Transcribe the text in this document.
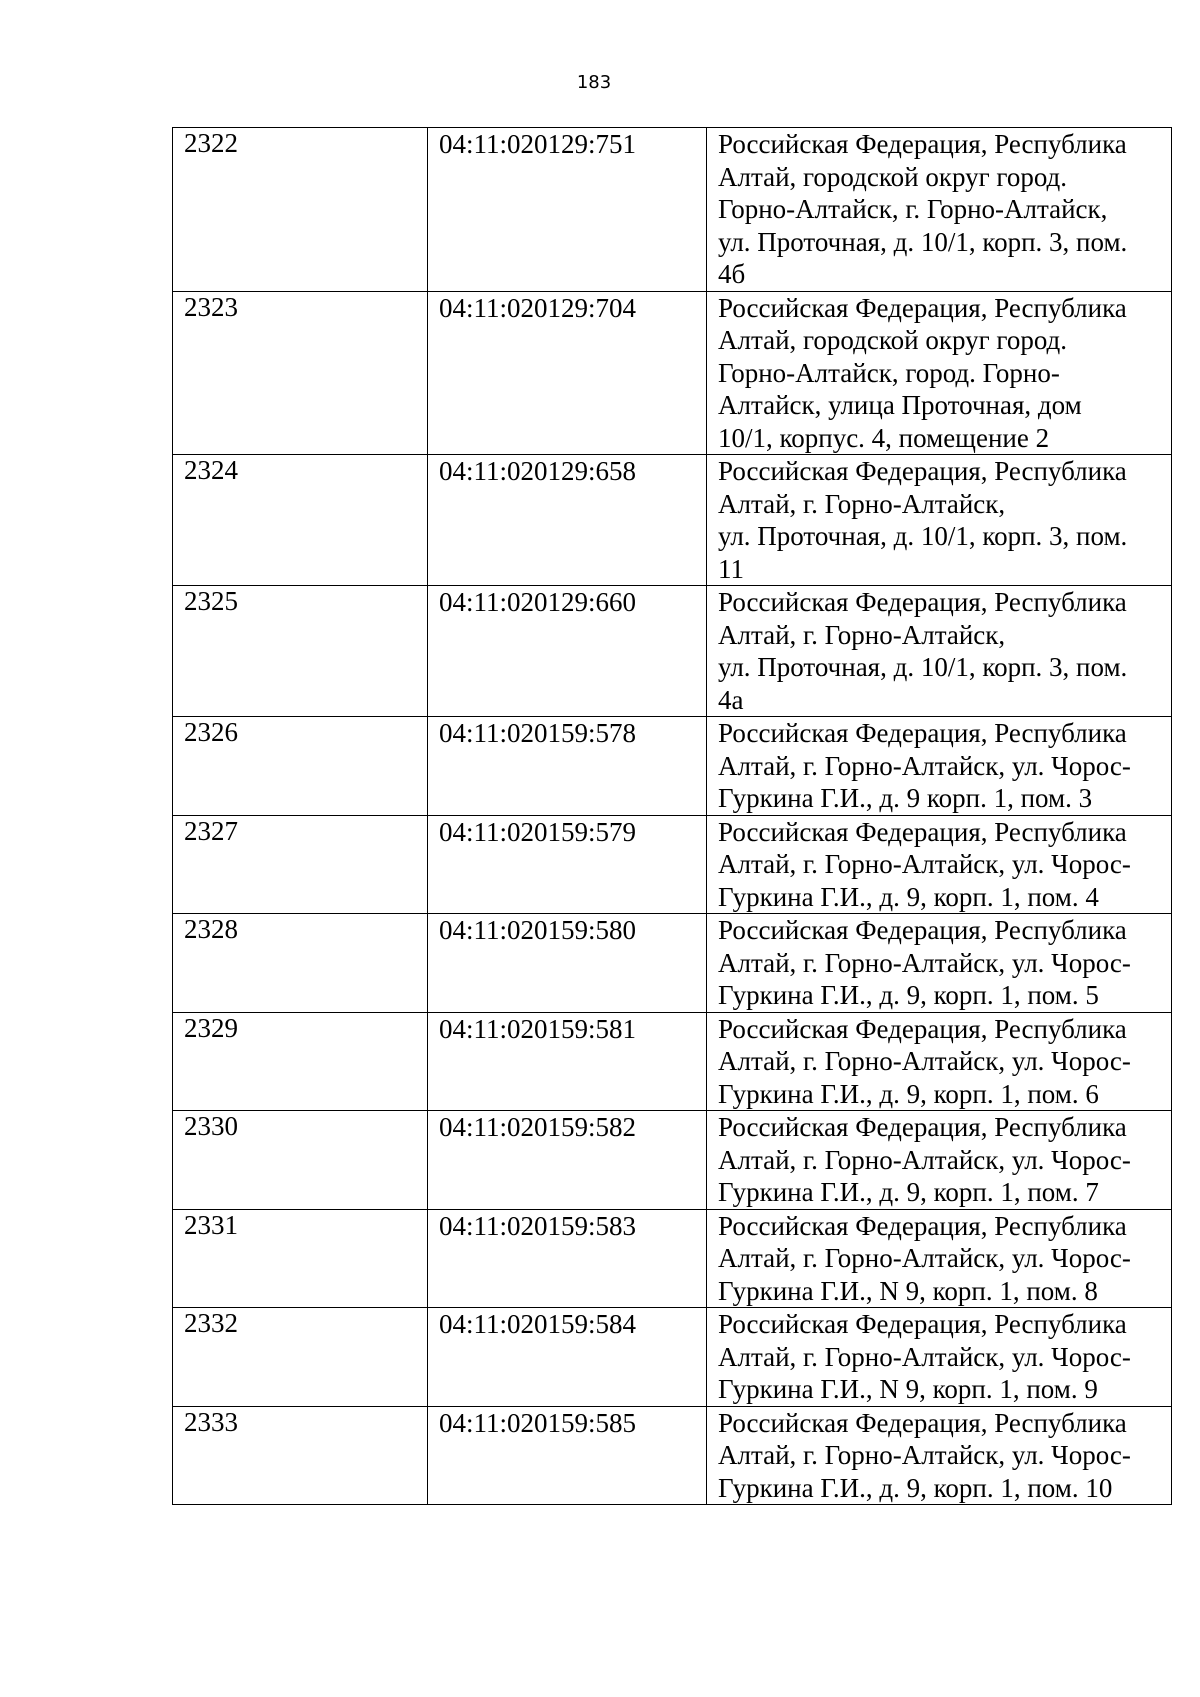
183
2322	04:11:020129:751	Российская Федерация, Республика
Алтай, городской округ город.
Горно-Алтайск, г. Горно-Алтайск,
ул. Проточная, д. 10/1, корп. 3, пом.
4б

2323	04:11:020129:704	Российская Федерация, Республика
Алтай, городской округ город.
Горно-Алтайск, город. Горно-
Алтайск, улица Проточная, дом
10/1, корпус. 4, помещение 2

2324	04:11:020129:658	Российская Федерация, Республика
Алтай, г. Горно-Алтайск,
ул. Проточная, д. 10/1, корп. 3, пом.
11

2325	04:11:020129:660	Российская Федерация, Республика
Алтай, г. Горно-Алтайск,
ул. Проточная, д. 10/1, корп. 3, пом.
4а

2326	04:11:020159:578	Российская Федерация, Республика
Алтай, г. Горно-Алтайск, ул. Чорос-
Гуркина Г.И., д. 9 корп. 1, пом. 3

2327	04:11:020159:579	Российская Федерация, Республика
Алтай, г. Горно-Алтайск, ул. Чорос-
Гуркина Г.И., д. 9, корп. 1, пом. 4

2328	04:11:020159:580	Российская Федерация, Республика
Алтай, г. Горно-Алтайск, ул. Чорос-
Гуркина Г.И., д. 9, корп. 1, пом. 5

2329	04:11:020159:581	Российская Федерация, Республика
Алтай, г. Горно-Алтайск, ул. Чорос-
Гуркина Г.И., д. 9, корп. 1, пом. 6

2330	04:11:020159:582	Российская Федерация, Республика
Алтай, г. Горно-Алтайск, ул. Чорос-
Гуркина Г.И., д. 9, корп. 1, пом. 7

2331	04:11:020159:583	Российская Федерация, Республика
Алтай, г. Горно-Алтайск, ул. Чорос-
Гуркина Г.И., N 9, корп. 1, пом. 8

2332	04:11:020159:584	Российская Федерация, Республика
Алтай, г. Горно-Алтайск, ул. Чорос-
Гуркина Г.И., N 9, корп. 1, пом. 9

2333	04:11:020159:585	Российская Федерация, Республика
Алтай, г. Горно-Алтайск, ул. Чорос-
Гуркина Г.И., д. 9, корп. 1, пом. 10
